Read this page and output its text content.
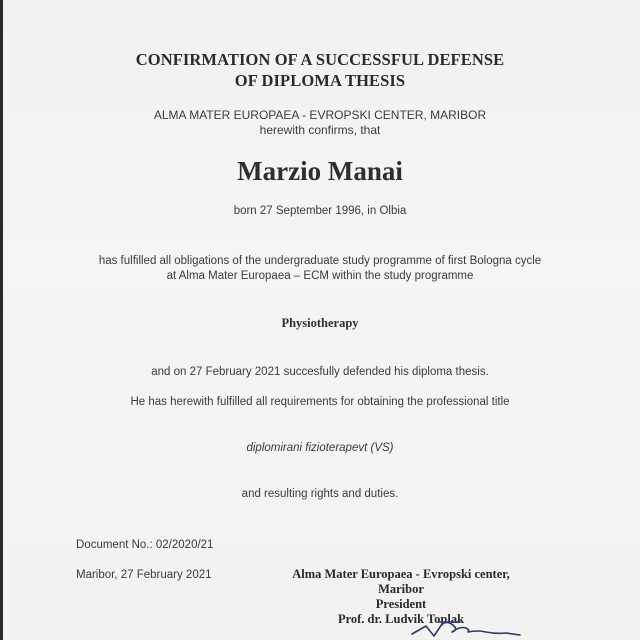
CONFIRMATION OF A SUCCESSFUL DEFENSE
OF DIPLOMA THESIS
ALMA MATER EUROPAEA - EVROPSKI CENTER, MARIBOR
herewith confirms, that
Marzio Manai
born 27 September 1996, in Olbia
has fulfilled all obligations of the undergraduate study programme of first Bologna cycle
at Alma Mater Europaea – ECM within the study programme
Physiotherapy
and on 27 February 2021 succesfully defended his diploma thesis.
He has herewith fulfilled all requirements for obtaining the professional title
diplomirani fizioterapevt (VS)
and resulting rights and duties.
Document No.: 02/2020/21
Maribor, 27 February 2021	Alma Mater Europaea - Evropski center, Maribor
President
Prof. dr. Ludvik Toplak
